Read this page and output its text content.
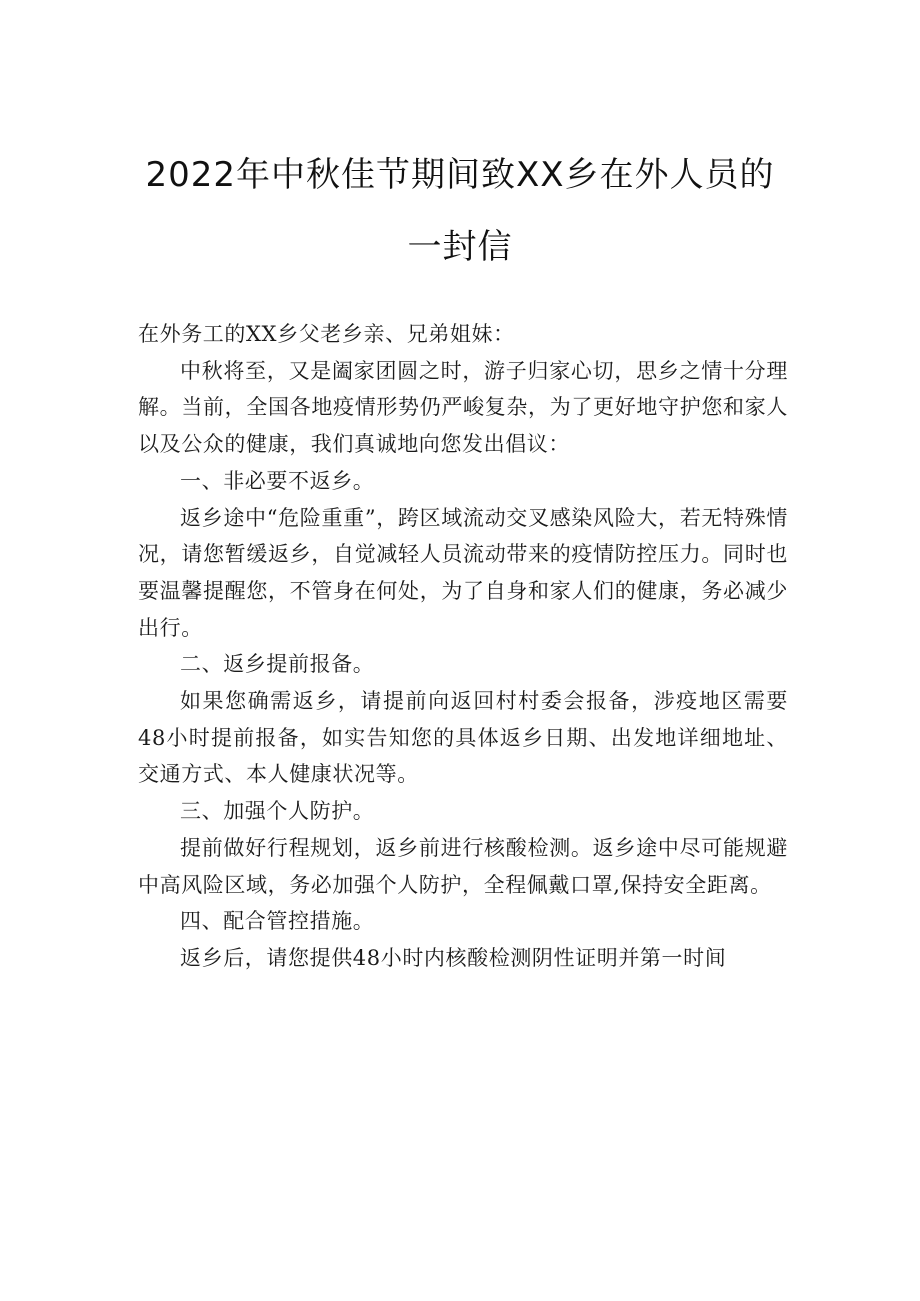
2022年中秋佳节期间致XX乡在外人员的
一封信

在外务工的XX乡父老乡亲、兄弟姐妹：

中秋将至，又是阖家团圆之时，游子归家心切，思乡之情十分理解。当前，全国各地疫情形势仍严峻复杂，为了更好地守护您和家人以及公众的健康，我们真诚地向您发出倡议：

一、非必要不返乡。

返乡途中“危险重重”，跨区域流动交叉感染风险大，若无特殊情况，请您暂缓返乡，自觉减轻人员流动带来的疫情防控压力。同时也要温馨提醒您，不管身在何处，为了自身和家人们的健康，务必减少出行。

二、返乡提前报备。

如果您确需返乡，请提前向返回村村委会报备，涉疫地区需要48小时提前报备，如实告知您的具体返乡日期、出发地详细地址、交通方式、本人健康状况等。

三、加强个人防护。

提前做好行程规划，返乡前进行核酸检测。返乡途中尽可能规避中高风险区域，务必加强个人防护，全程佩戴口罩,保持安全距离。

四、配合管控措施。

返乡后，请您提供48小时内核酸检测阴性证明并第一时间
